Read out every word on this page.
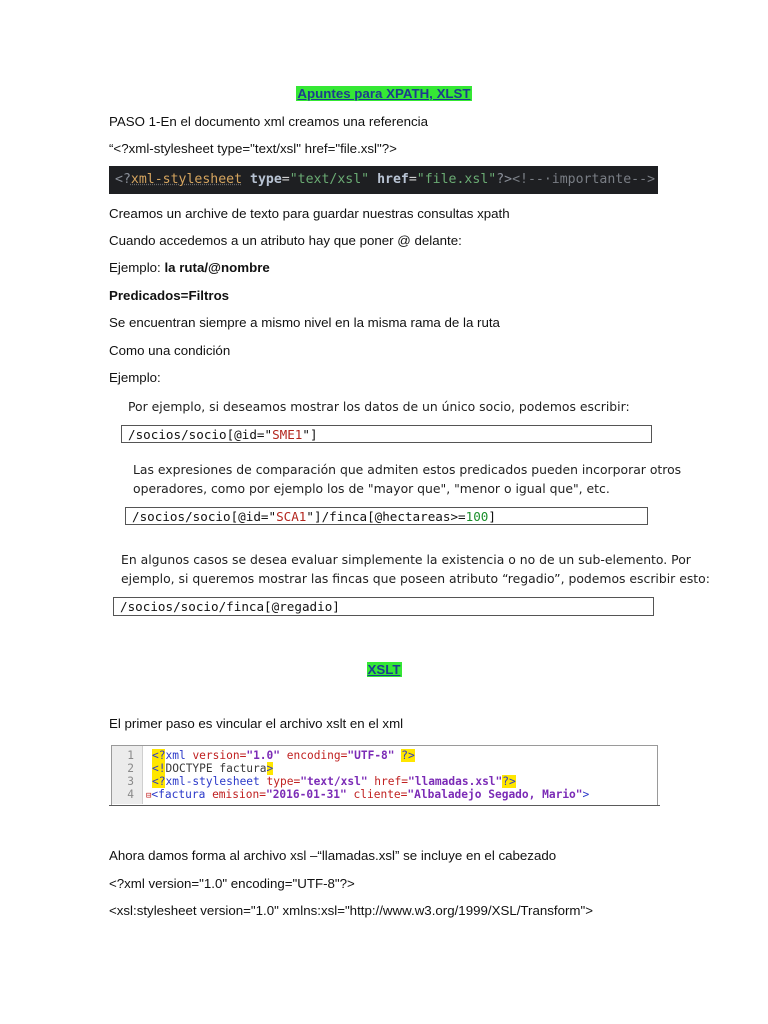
Apuntes para XPATH, XLST
PASO 1-En el documento xml creamos una referencia
“<?xml-stylesheet type="text/xsl" href="file.xsl"?>
<?xml-stylesheet type="text/xsl" href="file.xsl"?><!--·importante-->
Creamos un archive de texto para guardar nuestras consultas xpath
Cuando accedemos a un atributo hay que poner @ delante:
Ejemplo: la ruta/@nombre
Predicados=Filtros
Se encuentran siempre a mismo nivel en la misma rama de la ruta
Como una condición
Ejemplo:
Por ejemplo, si deseamos mostrar los datos de un único socio, podemos escribir:
/socios/socio[@id="SME1"]
Las expresiones de comparación que admiten estos predicados pueden incorporar otros
operadores, como por ejemplo los de "mayor que", "menor o igual que", etc.
/socios/socio[@id="SCA1"]/finca[@hectareas>=100]
En algunos casos se desea evaluar simplemente la existencia o no de un sub-elemento. Por
ejemplo, si queremos mostrar las fincas que poseen atributo “regadio”, podemos escribir esto:
/socios/socio/finca[@regadio]
XSLT
El primer paso es vincular el archivo xslt en el xml
1
2
3
4
<?xml version="1.0" encoding="UTF-8" ?>
<!DOCTYPE factura>
<?xml-stylesheet type="text/xsl" href="llamadas.xsl"?>
⊟<factura emision="2016-01-31" cliente="Albaladejo Segado, Mario">
Ahora damos forma al archivo xsl –“llamadas.xsl” se incluye en el cabezado
<?xml version="1.0" encoding="UTF-8"?>
<xsl:stylesheet version="1.0" xmlns:xsl="http://www.w3.org/1999/XSL/Transform">
